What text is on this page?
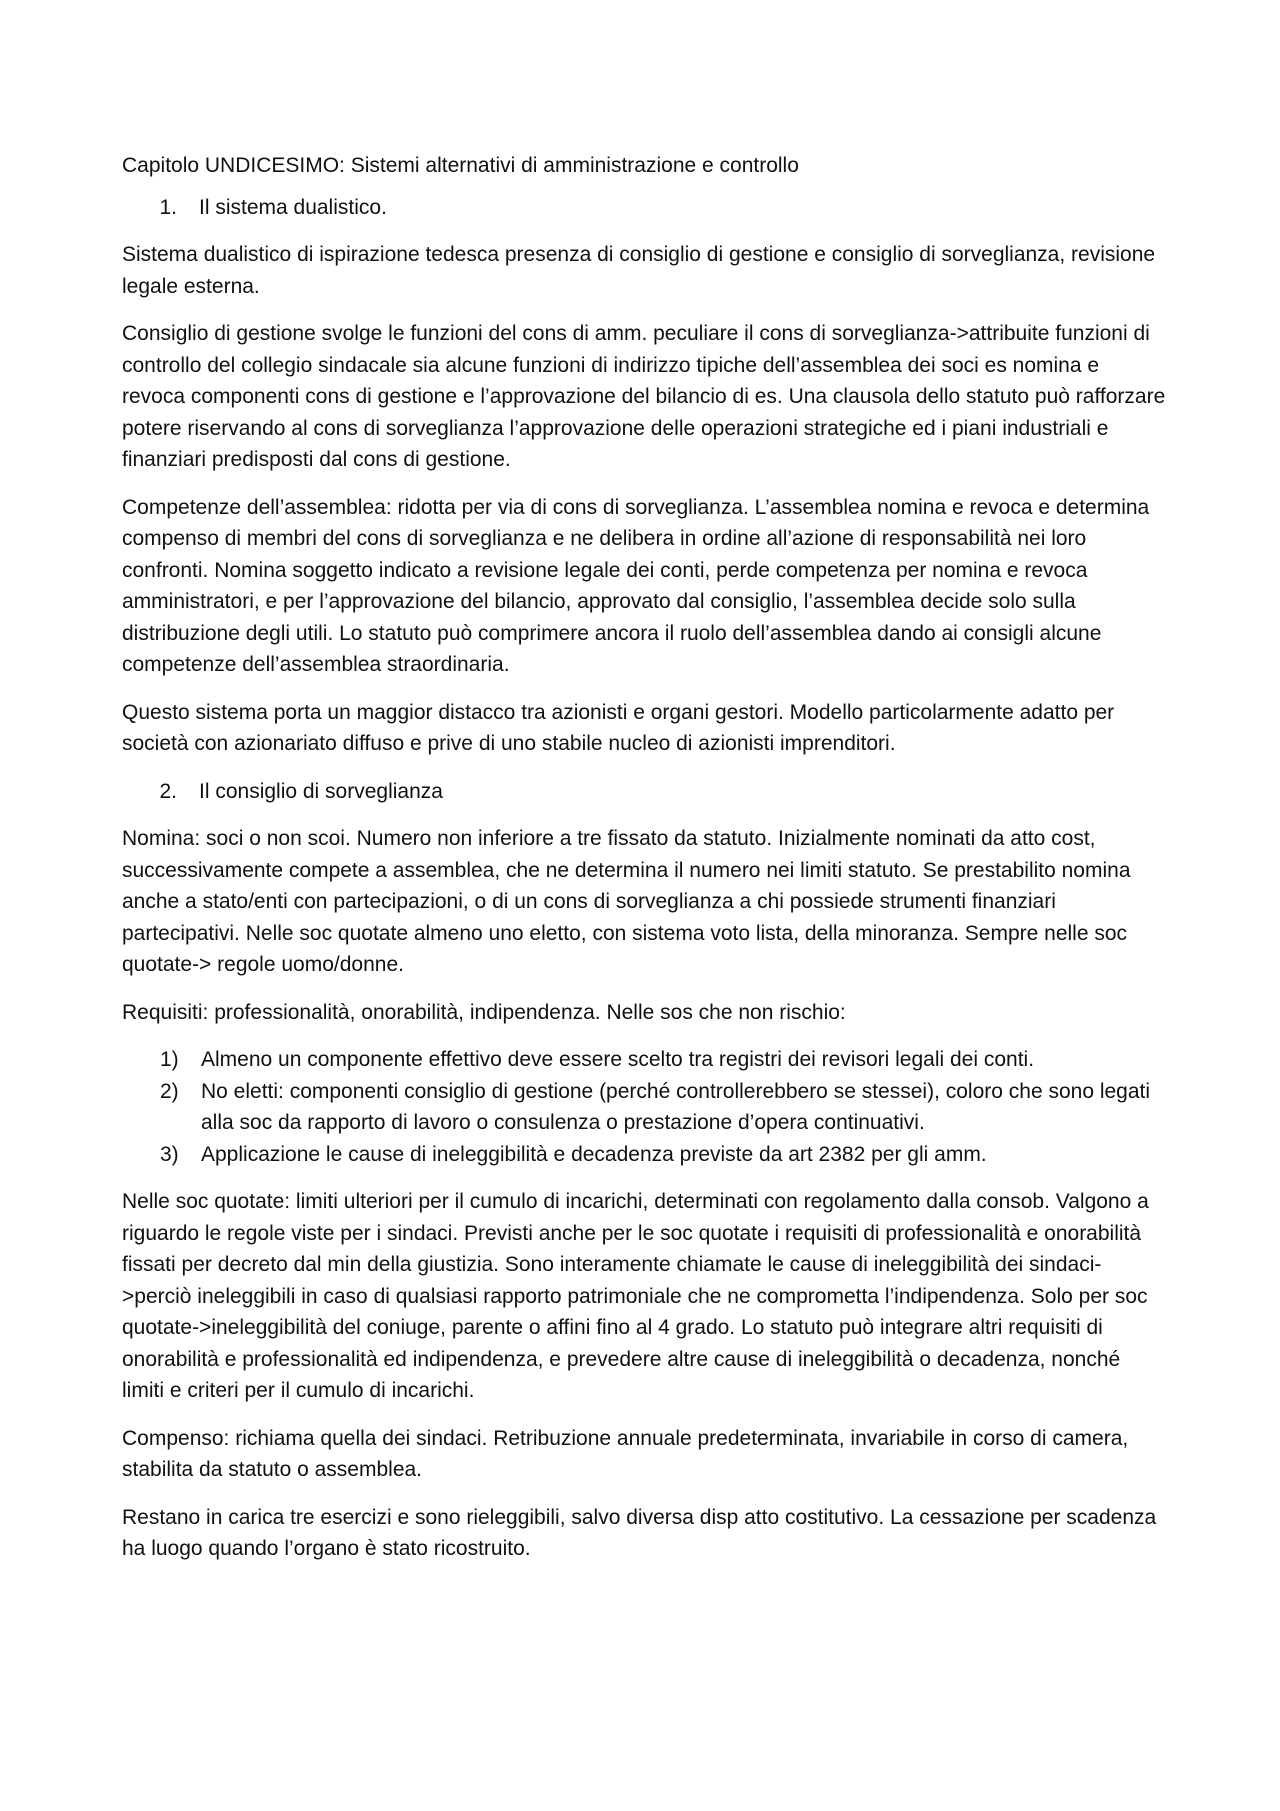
Capitolo UNDICESIMO: Sistemi alternativi di amministrazione e controllo

1.	Il sistema dualistico.

Sistema dualistico di ispirazione tedesca presenza di consiglio di gestione e consiglio di sorveglianza, revisione legale esterna.

Consiglio di gestione svolge le funzioni del cons di amm. peculiare il cons di sorveglianza->attribuite funzioni di controllo del collegio sindacale sia alcune funzioni di indirizzo tipiche dell’assemblea dei soci es nomina e revoca componenti cons di gestione e l’approvazione del bilancio di es. Una clausola dello statuto può rafforzare potere riservando al cons di sorveglianza l’approvazione delle operazioni strategiche ed i piani industriali e finanziari predisposti dal cons di gestione.

Competenze dell’assemblea: ridotta per via di cons di sorveglianza. L’assemblea nomina e revoca e determina compenso di membri del cons di sorveglianza e ne delibera in ordine all’azione di responsabilità nei loro confronti. Nomina soggetto indicato a revisione legale dei conti, perde competenza per nomina e revoca amministratori, e per l’approvazione del bilancio, approvato dal consiglio, l’assemblea decide solo sulla distribuzione degli utili. Lo statuto può comprimere ancora il ruolo dell’assemblea dando ai consigli alcune competenze dell’assemblea straordinaria.

Questo sistema porta un maggior distacco tra azionisti e organi gestori. Modello particolarmente adatto per società con azionariato diffuso e prive di uno stabile nucleo di azionisti imprenditori.

2.	Il consiglio di sorveglianza

Nomina: soci o non scoi. Numero non inferiore a tre fissato da statuto. Inizialmente nominati da atto cost, successivamente compete a assemblea, che ne determina il numero nei limiti statuto. Se prestabilito nomina anche a stato/enti con partecipazioni, o di un cons di sorveglianza a chi possiede strumenti finanziari partecipativi. Nelle soc quotate almeno uno eletto, con sistema voto lista, della minoranza. Sempre nelle soc quotate-> regole uomo/donne.

Requisiti: professionalità, onorabilità, indipendenza. Nelle sos che non rischio:

1)	Almeno un componente effettivo deve essere scelto tra registri dei revisori legali dei conti.
2)	No eletti: componenti consiglio di gestione (perché controllerebbero se stessei), coloro che sono legati alla soc da rapporto di lavoro o consulenza o prestazione d’opera continuativi.
3)	Applicazione le cause di ineleggibilità e decadenza previste da art 2382 per gli amm.

Nelle soc quotate: limiti ulteriori per il cumulo di incarichi, determinati con regolamento dalla consob. Valgono a riguardo le regole viste per i sindaci. Previsti anche per le soc quotate i requisiti di professionalità e onorabilità fissati per decreto dal min della giustizia. Sono interamente chiamate le cause di ineleggibilità dei sindaci->perciò ineleggibili in caso di qualsiasi rapporto patrimoniale che ne comprometta l’indipendenza. Solo per soc quotate->ineleggibilità del coniuge, parente o affini fino al 4 grado. Lo statuto può integrare altri requisiti di onorabilità e professionalità ed indipendenza, e prevedere altre cause di ineleggibilità o decadenza, nonché limiti e criteri per il cumulo di incarichi.

Compenso: richiama quella dei sindaci. Retribuzione annuale predeterminata, invariabile in corso di camera, stabilita da statuto o assemblea.

Restano in carica tre esercizi e sono rieleggibili, salvo diversa disp atto costitutivo. La cessazione per scadenza ha luogo quando l’organo è stato ricostruito.
